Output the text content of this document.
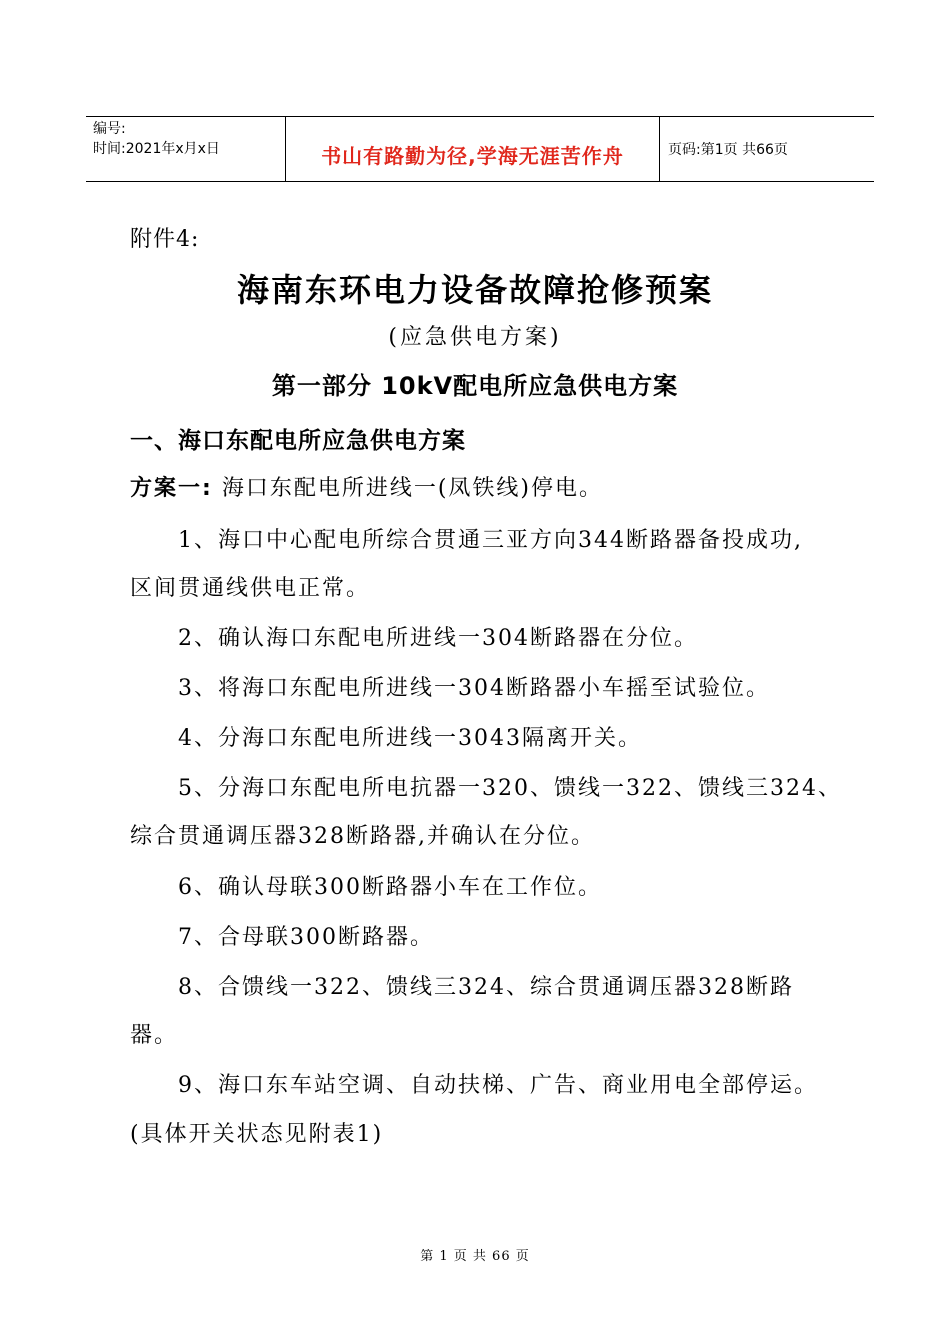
编号:
时间:2021年x月x日	书山有路勤为径,学海无涯苦作舟	页码:第1页 共66页
附件4:
海南东环电力设备故障抢修预案
(应急供电方案)
第一部分 10kV配电所应急供电方案
一、海口东配电所应急供电方案
方案一: 海口东配电所进线一(凤铁线)停电。
1、海口中心配电所综合贯通三亚方向344断路器备投成功,
区间贯通线供电正常。
2、确认海口东配电所进线一304断路器在分位。
3、将海口东配电所进线一304断路器小车摇至试验位。
4、分海口东配电所进线一3043隔离开关。
5、分海口东配电所电抗器一320、馈线一322、馈线三324、
综合贯通调压器328断路器,并确认在分位。
6、确认母联300断路器小车在工作位。
7、合母联300断路器。
8、合馈线一322、馈线三324、综合贯通调压器328断路
器。
9、海口东车站空调、自动扶梯、广告、商业用电全部停运。
(具体开关状态见附表1)
第 1 页 共 66 页
